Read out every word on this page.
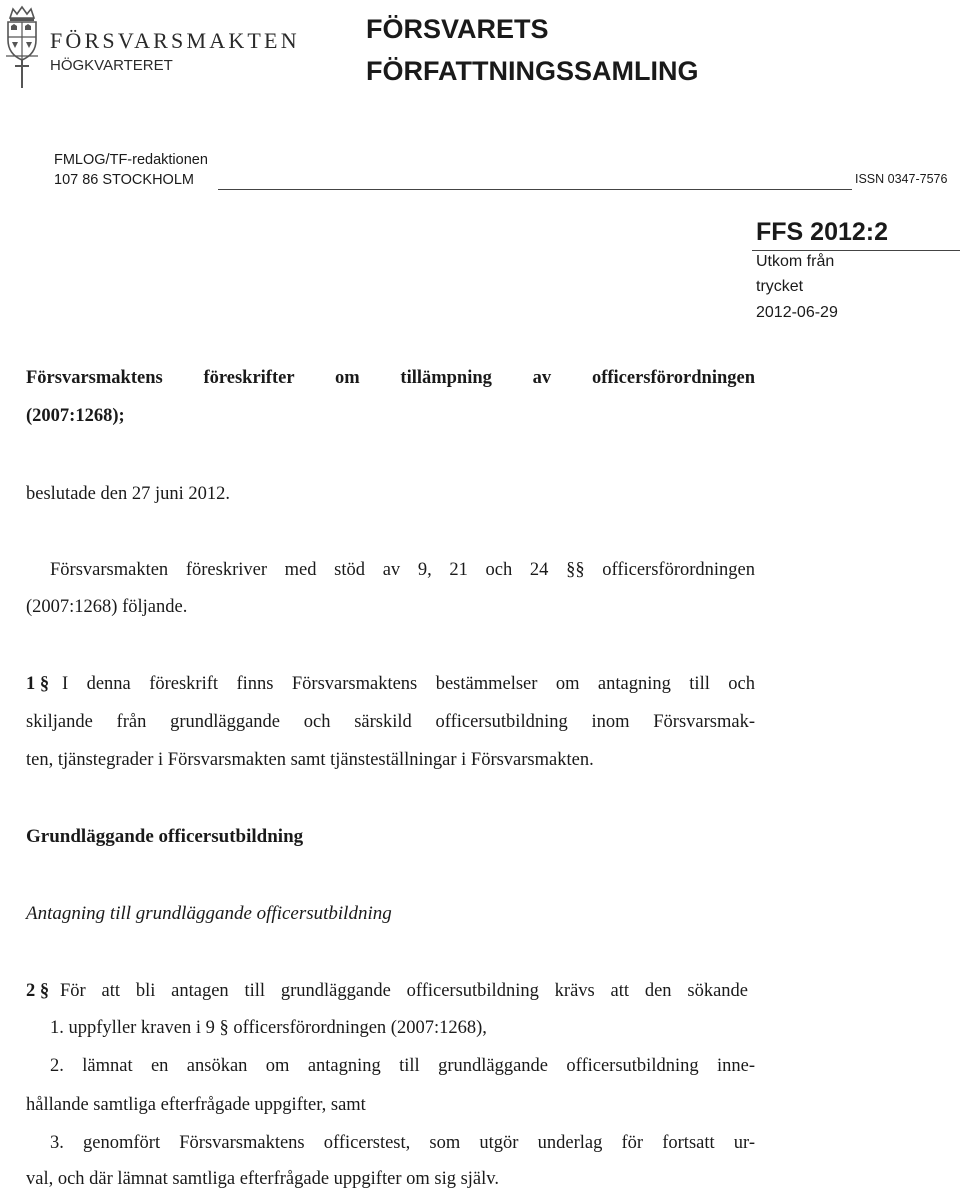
FÖRSVARSMAKTEN
HÖGKVARTERET
FÖRSVARETS
FÖRFATTNINGSSAMLING
FMLOG/TF-redaktionen
107 86 STOCKHOLM	ISSN 0347-7576
FFS 2012:2
Utkom från
trycket
2012-06-29
Försvarsmaktens föreskrifter om tillämpning av officersförordningen
(2007:1268);
beslutade den 27 juni 2012.
Försvarsmakten föreskriver med stöd av 9, 21 och 24 §§ officersförordningen
(2007:1268) följande.
1 § I denna föreskrift finns Försvarsmaktens bestämmelser om antagning till och
skiljande från grundläggande och särskild officersutbildning inom Försvarsmak-
ten, tjänstegrader i Försvarsmakten samt tjänsteställningar i Försvarsmakten.
Grundläggande officersutbildning
Antagning till grundläggande officersutbildning
2 § För att bli antagen till grundläggande officersutbildning krävs att den sökande
1. uppfyller kraven i 9 § officersförordningen (2007:1268),
2. lämnat en ansökan om antagning till grundläggande officersutbildning inne-
hållande samtliga efterfrågade uppgifter, samt
3. genomfört Försvarsmaktens officerstest, som utgör underlag för fortsatt ur-
val, och där lämnat samtliga efterfrågade uppgifter om sig själv.
